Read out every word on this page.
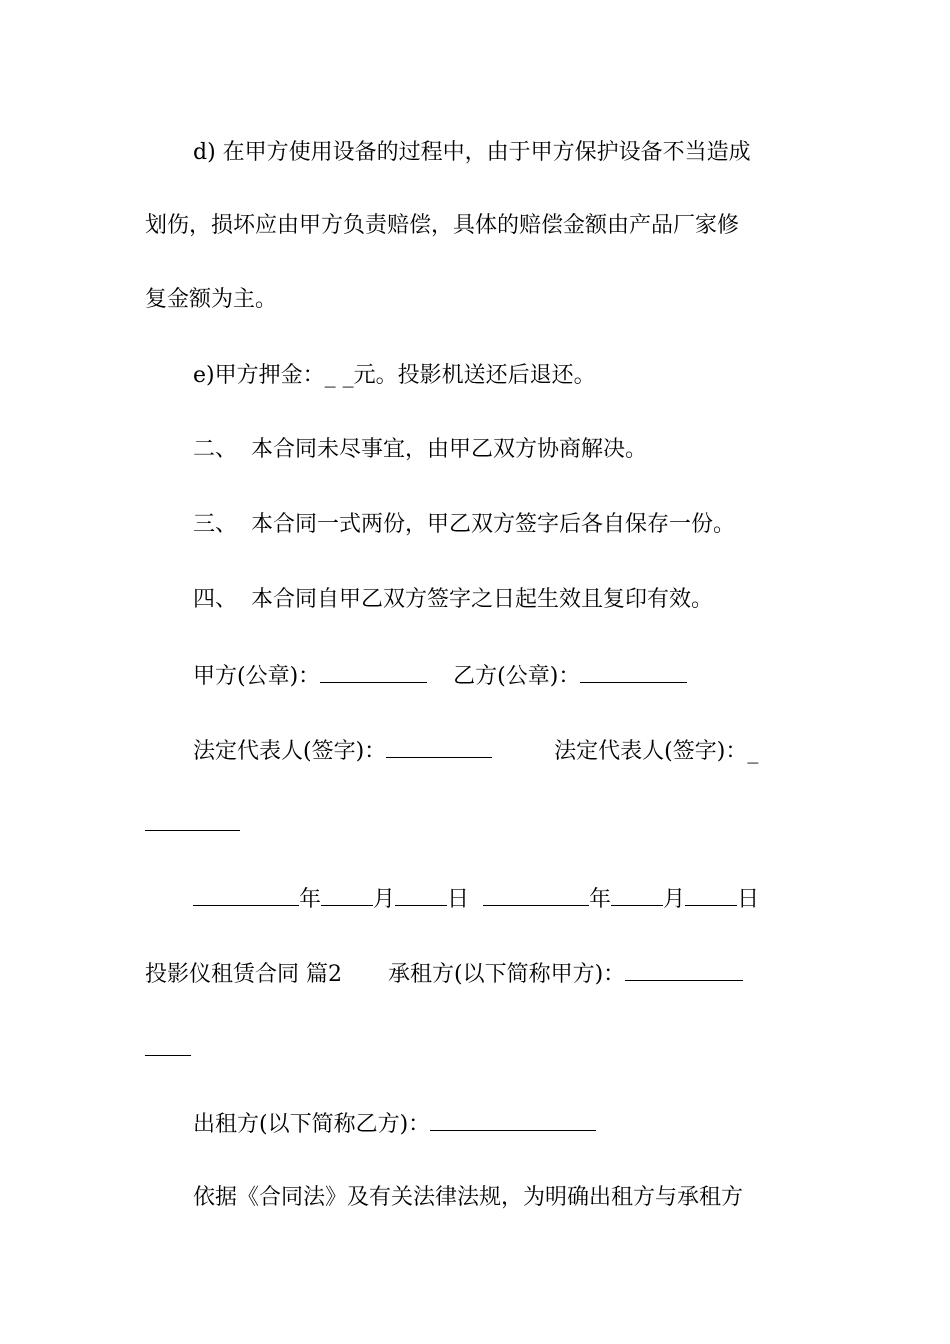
d) 在甲方使用设备的过程中，由于甲方保护设备不当造成

划伤，损坏应由甲方负责赔偿，具体的赔偿金额由产品厂家修

复金额为主。

e)甲方押金：_ _元。投影机送还后退还。

二、  本合同未尽事宜，由甲乙双方协商解决。

三、  本合同一式两份，甲乙双方签字后各自保存一份。

四、  本合同自甲乙双方签字之日起生效且复印有效。

甲方(公章)：	乙方(公章)：

法定代表人(签字)：	法定代表人(签字)：_

年 月 日	年 月 日

投影仪租赁合同 篇2 承租方(以下简称甲方)：

出租方(以下简称乙方)：

依据《合同法》及有关法律法规，为明确出租方与承租方
